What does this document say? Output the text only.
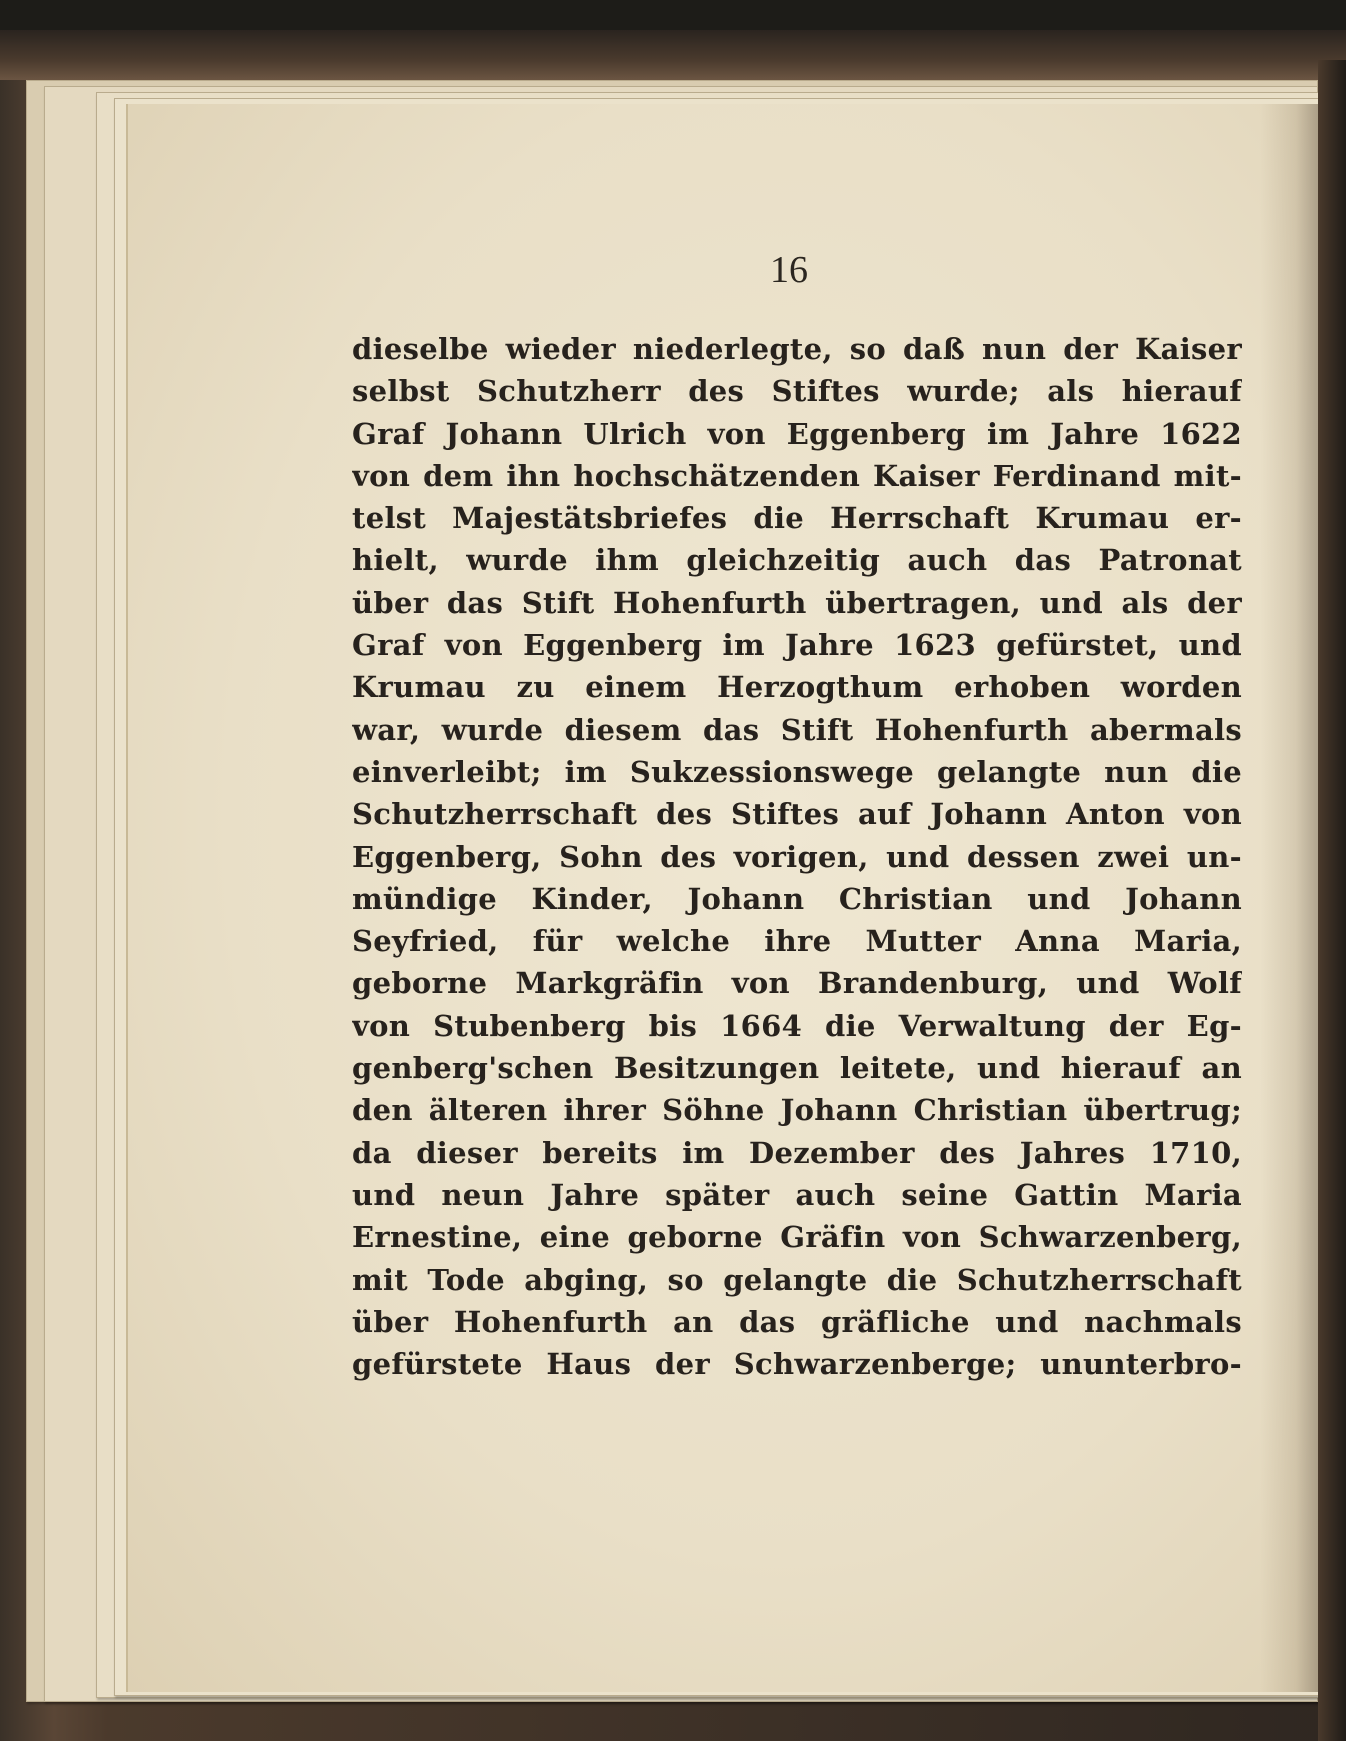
16

dieselbe wieder niederlegte, so daß nun der Kaiser
selbst Schutzherr des Stiftes wurde; als hierauf
Graf Johann Ulrich von Eggenberg im Jahre 1622
von dem ihn hochschätzenden Kaiser Ferdinand mit-
telst Majestätsbriefes die Herrschaft Krumau er-
hielt, wurde ihm gleichzeitig auch das Patronat
über das Stift Hohenfurth übertragen, und als der
Graf von Eggenberg im Jahre 1623 gefürstet, und
Krumau zu einem Herzogthum erhoben worden
war, wurde diesem das Stift Hohenfurth abermals
einverleibt; im Sukzessionswege gelangte nun die
Schutzherrschaft des Stiftes auf Johann Anton von
Eggenberg, Sohn des vorigen, und dessen zwei un-
mündige Kinder, Johann Christian und Johann
Seyfried, für welche ihre Mutter Anna Maria,
geborne Markgräfin von Brandenburg, und Wolf
von Stubenberg bis 1664 die Verwaltung der Eg-
genberg'schen Besitzungen leitete, und hierauf an
den älteren ihrer Söhne Johann Christian übertrug;
da dieser bereits im Dezember des Jahres 1710,
und neun Jahre später auch seine Gattin Maria
Ernestine, eine geborne Gräfin von Schwarzenberg,
mit Tode abging, so gelangte die Schutzherrschaft
über Hohenfurth an das gräfliche und nachmals
gefürstete Haus der Schwarzenberge; ununterbro-
